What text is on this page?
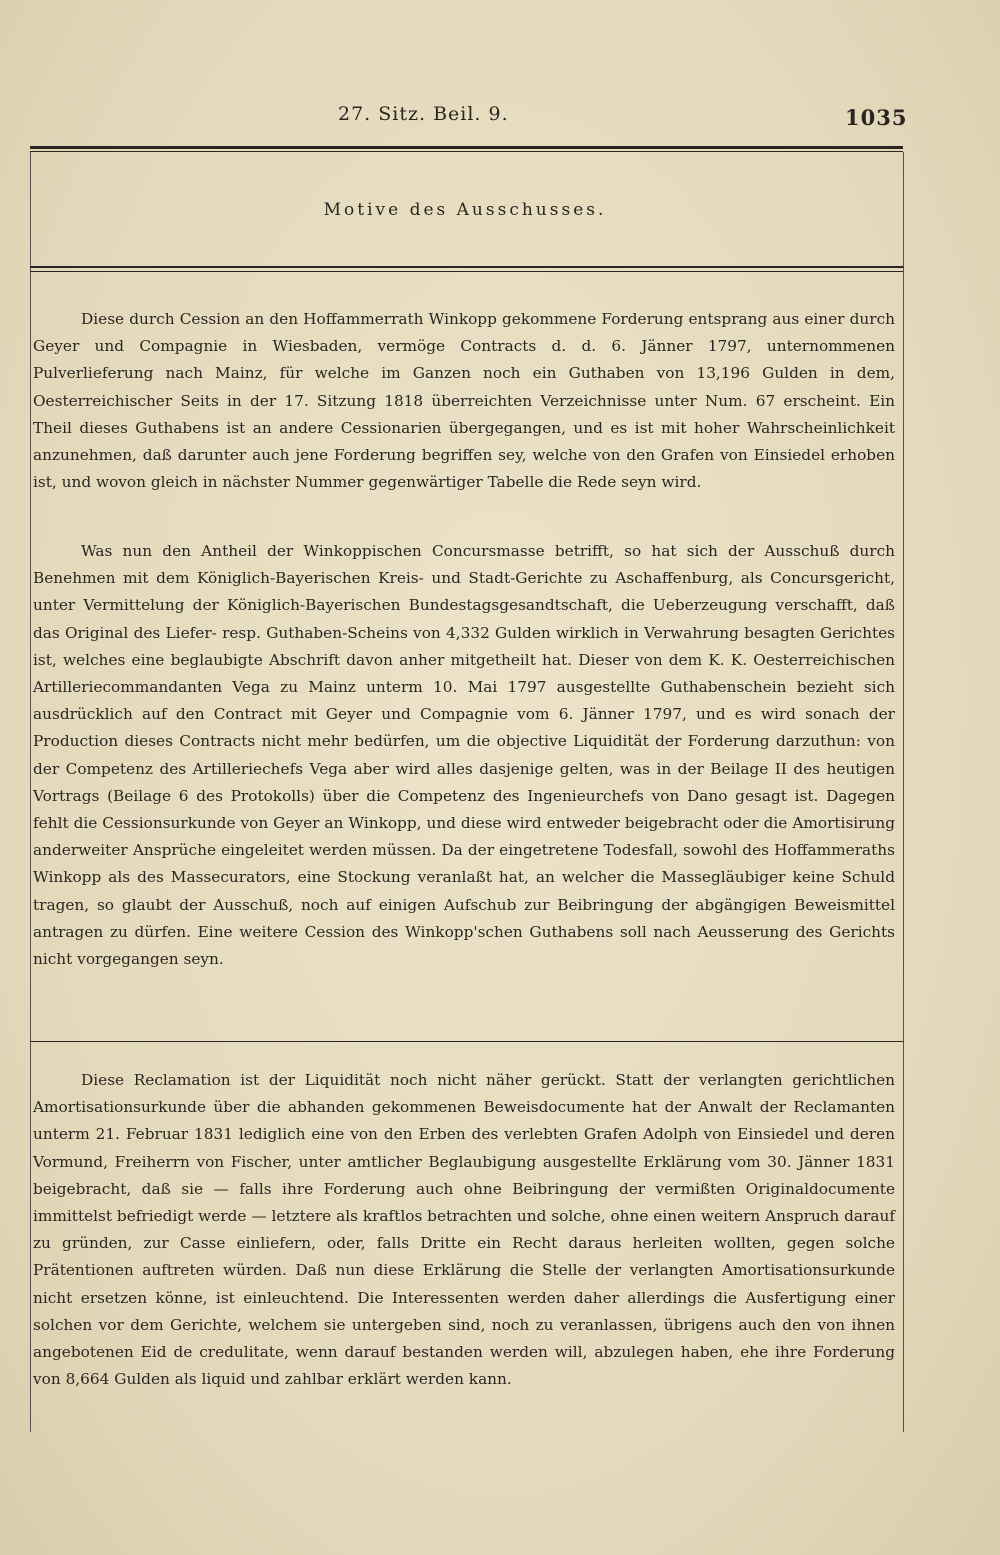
27. Sitz. Beil. 9.	1035
Motive des Ausschusses.
Diese durch Cession an den Hoffammerrath Winkopp gekommene Forderung entsprang aus einer durch Geyer und Compagnie in Wiesbaden, vermöge Contracts d. d. 6. Jänner 1797, unternommenen Pulverlieferung nach Mainz, für welche im Ganzen noch ein Guthaben von 13,196 Gulden in dem, Oesterreichischer Seits in der 17. Sitzung 1818 überreichten Verzeichnisse unter Num. 67 erscheint. Ein Theil dieses Guthabens ist an andere Cessionarien übergegangen, und es ist mit hoher Wahrscheinlichkeit anzunehmen, daß darunter auch jene Forderung begriffen sey, welche von den Grafen von Einsiedel erhoben ist, und wovon gleich in nächster Nummer gegenwärtiger Tabelle die Rede seyn wird.
Was nun den Antheil der Winkoppischen Concursmasse betrifft, so hat sich der Ausschuß durch Benehmen mit dem Königlich-Bayerischen Kreis- und Stadt-Gerichte zu Aschaffenburg, als Concursgericht, unter Vermittelung der Königlich-Bayerischen Bundestagsgesandtschaft, die Ueberzeugung verschafft, daß das Original des Liefer- resp. Guthaben-Scheins von 4,332 Gulden wirklich in Verwahrung besagten Gerichtes ist, welches eine beglaubigte Abschrift davon anher mitgetheilt hat. Dieser von dem K. K. Oesterreichischen Artilleriecommandanten Vega zu Mainz unterm 10. Mai 1797 ausgestellte Guthabenschein bezieht sich ausdrücklich auf den Contract mit Geyer und Compagnie vom 6. Jänner 1797, und es wird sonach der Production dieses Contracts nicht mehr bedürfen, um die objective Liquidität der Forderung darzuthun: von der Competenz des Artilleriechefs Vega aber wird alles dasjenige gelten, was in der Beilage II des heutigen Vortrags (Beilage 6 des Protokolls) über die Competenz des Ingenieurchefs von Dano gesagt ist. Dagegen fehlt die Cessionsurkunde von Geyer an Winkopp, und diese wird entweder beigebracht oder die Amortisirung anderweiter Ansprüche eingeleitet werden müssen. Da der eingetretene Todesfall, sowohl des Hoffammeraths Winkopp als des Massecurators, eine Stockung veranlaßt hat, an welcher die Massegläubiger keine Schuld tragen, so glaubt der Ausschuß, noch auf einigen Aufschub zur Beibringung der abgängigen Beweismittel antragen zu dürfen. Eine weitere Cession des Winkopp'schen Guthabens soll nach Aeusserung des Gerichts nicht vorgegangen seyn.
Diese Reclamation ist der Liquidität noch nicht näher gerückt. Statt der verlangten gerichtlichen Amortisationsurkunde über die abhanden gekommenen Beweisdocumente hat der Anwalt der Reclamanten unterm 21. Februar 1831 lediglich eine von den Erben des verlebten Grafen Adolph von Einsiedel und deren Vormund, Freiherrn von Fischer, unter amtlicher Beglaubigung ausgestellte Erklärung vom 30. Jänner 1831 beigebracht, daß sie — falls ihre Forderung auch ohne Beibringung der vermißten Originaldocumente immittelst befriedigt werde — letztere als kraftlos betrachten und solche, ohne einen weitern Anspruch darauf zu gründen, zur Casse einliefern, oder, falls Dritte ein Recht daraus herleiten wollten, gegen solche Prätentionen auftreten würden. Daß nun diese Erklärung die Stelle der verlangten Amortisationsurkunde nicht ersetzen könne, ist einleuchtend. Die Interessenten werden daher allerdings die Ausfertigung einer solchen vor dem Gerichte, welchem sie untergeben sind, noch zu veranlassen, übrigens auch den von ihnen angebotenen Eid de credulitate, wenn darauf bestanden werden will, abzulegen haben, ehe ihre Forderung von 8,664 Gulden als liquid und zahlbar erklärt werden kann.
